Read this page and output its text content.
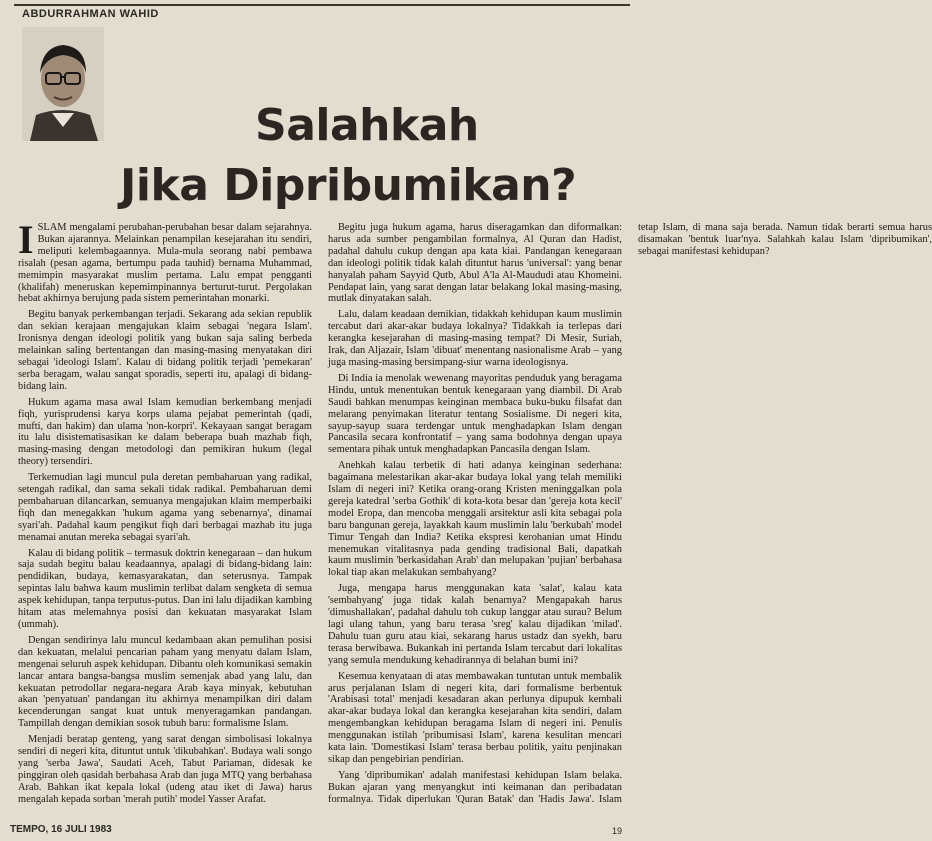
ABDURRAHMAN WAHID
Salahkah
Jika Dipribumikan?

ISLAM mengalami perubahan-perubahan besar dalam sejarahnya. Bukan ajarannya. Melainkan penampilan kesejarahan itu sendiri, meliputi kelembagaannya. Mula-mula seorang nabi pembawa risalah (pesan agama, bertumpu pada tauhid) bernama Muhammad, memimpin masyarakat muslim pertama. Lalu empat pengganti (khalifah) meneruskan kepemimpinannya berturut-turut. Pergolakan hebat akhirnya berujung pada sistem pemerintahan monarki.

Begitu banyak perkembangan terjadi. Sekarang ada sekian republik dan sekian kerajaan mengajukan klaim sebagai 'negara Islam'. Ironisnya dengan ideologi politik yang bukan saja saling berbeda melainkan saling bertentangan dan masing-masing menyatakan diri sebagai 'ideologi Islam'. Kalau di bidang politik terjadi 'pemekaran' serba beragam, walau sangat sporadis, seperti itu, apalagi di bidang-bidang lain.

Hukum agama masa awal Islam kemudian berkembang menjadi fiqh, yurisprudensi karya korps ulama pejabat pemerintah (qadi, mufti, dan hakim) dan ulama 'non-korpri'. Kekayaan sangat beragam itu lalu disistematisasikan ke dalam beberapa buah mazhab fiqh, masing-masing dengan metodologi dan pemikiran hukum (legal theory) tersendiri.

Terkemudian lagi muncul pula deretan pembaharuan yang radikal, setengah radikal, dan sama sekali tidak radikal. Pembaharuan demi pembaharuan dilancarkan, semuanya mengajukan klaim memperbaiki fiqh dan menegakkan 'hukum agama yang sebenarnya', dinamai syari'ah. Padahal kaum pengikut fiqh dari berbagai mazhab itu juga menamai anutan mereka sebagai syari'ah.

Kalau di bidang politik – termasuk doktrin kenegaraan – dan hukum saja sudah begitu balau keadaannya, apalagi di bidang-bidang lain: pendidikan, budaya, kemasyarakatan, dan seterusnya. Tampak sepintas lalu bahwa kaum muslimin terlibat dalam sengketa di semua aspek kehidupan, tanpa terputus-putus. Dan ini lalu dijadikan kambing hitam atas melemahnya posisi dan kekuatan masyarakat Islam (ummah).

Dengan sendirinya lalu muncul kedambaan akan pemulihan posisi dan kekuatan, melalui pencarian paham yang menyatu dalam Islam, mengenai seluruh aspek kehidupan. Dibantu oleh komunikasi semakin lancar antara bangsa-bangsa muslim semenjak abad yang lalu, dan kekuatan petrodollar negara-negara Arab kaya minyak, kebutuhan akan 'penyatuan' pandangan itu akhirnya menampilkan diri dalam kecenderungan sangat kuat untuk menyeragamkan pandangan. Tampillah dengan demikian sosok tubuh baru: formalisme Islam.

Menjadi beratap genteng, yang sarat dengan simbolisasi lokalnya sendiri di negeri kita, dituntut untuk 'dikubahkan'. Budaya wali songo yang 'serba Jawa', Saudati Aceh, Tabut Pariaman, didesak ke pinggiran oleh qasidah berbahasa Arab dan juga MTQ yang berbahasa Arab. Bahkan ikat kepala lokal (udeng atau iket di Jawa) harus mengalah kepada sorban 'merah putih' model Yasser Arafat.

Begitu juga hukum agama, harus diseragamkan dan diformalkan: harus ada sumber pengambilan formalnya, Al Quran dan Hadist, padahal dahulu cukup dengan apa kata kiai. Pandangan kenegaraan dan ideologi politik tidak kalah dituntut harus 'universal': yang benar hanyalah paham Sayyid Qutb, Abul A'la Al-Maududi atau Khomeini. Pendapat lain, yang sarat dengan latar belakang lokal masing-masing, mutlak dinyatakan salah.

Lalu, dalam keadaan demikian, tidakkah kehidupan kaum muslimin tercabut dari akar-akar budaya lokalnya? Tidakkah ia terlepas dari kerangka kesejarahan di masing-masing tempat? Di Mesir, Suriah, Irak, dan Aljazair, Islam 'dibuat' menentang nasionalisme Arab – yang juga masing-masing bersimpang-siur warna ideologisnya.

Di India ia menolak wewenang mayoritas penduduk yang beragama Hindu, untuk menentukan bentuk kenegaraan yang diambil. Di Arab Saudi bahkan menumpas keinginan membaca buku-buku filsafat dan melarang penyimakan literatur tentang Sosialisme. Di negeri kita, sayup-sayup suara terdengar untuk menghadapkan Islam dengan Pancasila secara konfrontatif – yang sama bodohnya dengan upaya sementara pihak untuk menghadapkan Pancasila dengan Islam.

Anehkah kalau terbetik di hati adanya keinginan sederhana: bagaimana melestarikan akar-akar budaya lokal yang telah memiliki Islam di negeri ini? Ketika orang-orang Kristen meninggalkan pola gereja katedral 'serba Gothik' di kota-kota besar dan 'gereja kota kecil' model Eropa, dan mencoba menggali arsitektur asli kita sebagai pola baru bangunan gereja, layakkah kaum muslimin lalu 'berkubah' model Timur Tengah dan India? Ketika ekspresi kerohanian umat Hindu menemukan vitalitasnya pada gending tradisional Bali, dapatkah kaum muslimin 'berkasidahan Arab' dan melupakan 'pujian' berbahasa lokal tiap akan melakukan sembahyang?

Juga, mengapa harus menggunakan kata 'salat', kalau kata 'sembahyang' juga tidak kalah benarnya? Mengapakah harus 'dimushallakan', padahal dahulu toh cukup langgar atau surau? Belum lagi ulang tahun, yang baru terasa 'sreg' kalau dijadikan 'milad'. Dahulu tuan guru atau kiai, sekarang harus ustadz dan syekh, baru terasa berwibawa. Bukankah ini pertanda Islam tercabut dari lokalitas yang semula mendukung kehadirannya di belahan bumi ini?

Kesemua kenyataan di atas membawakan tuntutan untuk membalik arus perjalanan Islam di negeri kita, dari formalisme berbentuk 'Arabisasi total' menjadi kesadaran akan perlunya dipupuk kembali akar-akar budaya lokal dan kerangka kesejarahan kita sendiri, dalam mengembangkan kehidupan beragama Islam di negeri ini. Penulis menggunakan istilah 'pribumisasi Islam', karena kesulitan mencari kata lain. 'Domestikasi Islam' terasa berbau politik, yaitu penjinakan sikap dan pengebirian pendirian.

Yang 'dipribumikan' adalah manifestasi kehidupan Islam belaka. Bukan ajaran yang menyangkut inti keimanan dan peribadatan formalnya. Tidak diperlukan 'Quran Batak' dan 'Hadis Jawa'. Islam tetap Islam, di mana saja berada. Namun tidak berarti semua harus disamakan 'bentuk luar'nya. Salahkah kalau Islam 'dipribumikan', sebagai manifestasi kehidupan?

TEMPO, 16 JULI 1983	19
